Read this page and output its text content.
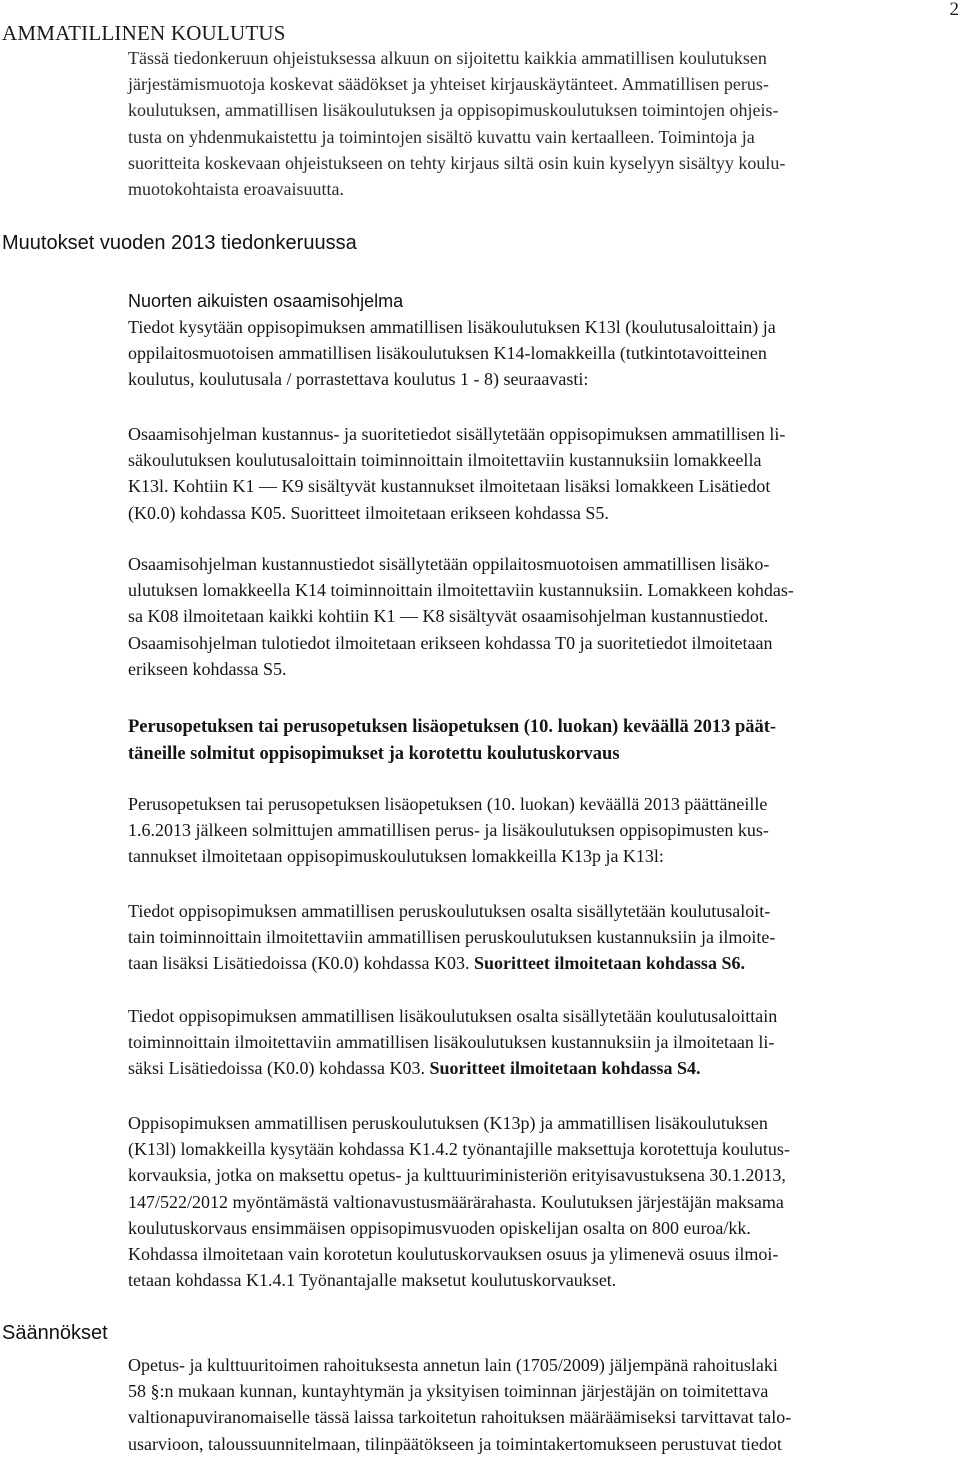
2
AMMATILLINEN KOULUTUS
Tässä tiedonkeruun ohjeistuksessa alkuun on sijoitettu kaikkia ammatillisen koulutuksen
järjestämismuotoja koskevat säädökset ja yhteiset kirjauskäytänteet. Ammatillisen perus-
koulutuksen, ammatillisen lisäkoulutuksen ja oppisopimuskoulutuksen toimintojen ohjeis-
tusta on yhdenmukaistettu ja toimintojen sisältö kuvattu vain kertaalleen. Toimintoja ja
suoritteita koskevaan ohjeistukseen on tehty kirjaus siltä osin kuin kyselyyn sisältyy koulu-
muotokohtaista eroavaisuutta.
Muutokset vuoden 2013 tiedonkeruussa
Nuorten aikuisten osaamisohjelma

Tiedot kysytään oppisopimuksen ammatillisen lisäkoulutuksen K13l (koulutusaloittain) ja
oppilaitosmuotoisen ammatillisen lisäkoulutuksen K14-lomakkeilla (tutkintotavoitteinen
koulutus, koulutusala / porrastettava koulutus 1 - 8) seuraavasti:

Osaamisohjelman kustannus- ja suoritetiedot sisällytetään oppisopimuksen ammatillisen li-
säkoulutuksen koulutusaloittain toiminnoittain ilmoitettaviin kustannuksiin lomakkeella
K13l. Kohtiin K1 — K9 sisältyvät kustannukset ilmoitetaan lisäksi lomakkeen Lisätiedot
(K0.0) kohdassa K05. Suoritteet ilmoitetaan erikseen kohdassa S5.
Osaamisohjelman kustannustiedot sisällytetään oppilaitosmuotoisen ammatillisen lisäko-
ulutuksen lomakkeella K14 toiminnoittain ilmoitettaviin kustannuksiin. Lomakkeen kohdas-
sa K08 ilmoitetaan kaikki kohtiin K1 — K8 sisältyvät osaamisohjelman kustannustiedot.
Osaamisohjelman tulotiedot ilmoitetaan erikseen kohdassa T0 ja suoritetiedot ilmoitetaan
erikseen kohdassa S5.
Perusopetuksen tai perusopetuksen lisäopetuksen (10. luokan) keväällä 2013 päät-
täneille solmitut oppisopimukset ja korotettu koulutuskorvaus
Perusopetuksen tai perusopetuksen lisäopetuksen (10. luokan) keväällä 2013 päättäneille
1.6.2013 jälkeen solmittujen ammatillisen perus- ja lisäkoulutuksen oppisopimusten kus-
tannukset ilmoitetaan oppisopimuskoulutuksen lomakkeilla K13p ja K13l:
Tiedot oppisopimuksen ammatillisen peruskoulutuksen osalta sisällytetään koulutusaloit-
tain toiminnoittain ilmoitettaviin ammatillisen peruskoulutuksen kustannuksiin ja ilmoite-
taan lisäksi Lisätiedoissa (K0.0) kohdassa K03. Suoritteet ilmoitetaan kohdassa S6.
Tiedot oppisopimuksen ammatillisen lisäkoulutuksen osalta sisällytetään koulutusaloittain
toiminnoittain ilmoitettaviin ammatillisen lisäkoulutuksen kustannuksiin ja ilmoitetaan li-
säksi Lisätiedoissa (K0.0) kohdassa K03. Suoritteet ilmoitetaan kohdassa S4.
Oppisopimuksen ammatillisen peruskoulutuksen (K13p) ja ammatillisen lisäkoulutuksen
(K13l) lomakkeilla kysytään kohdassa K1.4.2 työnantajille maksettuja korotettuja koulutus-
korvauksia, jotka on maksettu opetus- ja kulttuuriministeriön erityisavustuksena 30.1.2013,
147/522/2012 myöntämästä valtionavustusmäärärahasta. Koulutuksen järjestäjän maksama
koulutuskorvaus ensimmäisen oppisopimusvuoden opiskelijan osalta on 800 euroa/kk.
Kohdassa ilmoitetaan vain korotetun koulutuskorvauksen osuus ja ylimenevä osuus ilmoi-
tetaan kohdassa K1.4.1 Työnantajalle maksetut koulutuskorvaukset.
Säännökset
Opetus- ja kulttuuritoimen rahoituksesta annetun lain (1705/2009) jäljempänä rahoituslaki
58 §:n mukaan kunnan, kuntayhtymän ja yksityisen toiminnan järjestäjän on toimitettava
valtionapuviranomaiselle tässä laissa tarkoitetun rahoituksen määräämiseksi tarvittavat talo-
usarvioon, taloussuunnitelmaan, tilinpäätökseen ja toimintakertomukseen perustuvat tiedot
